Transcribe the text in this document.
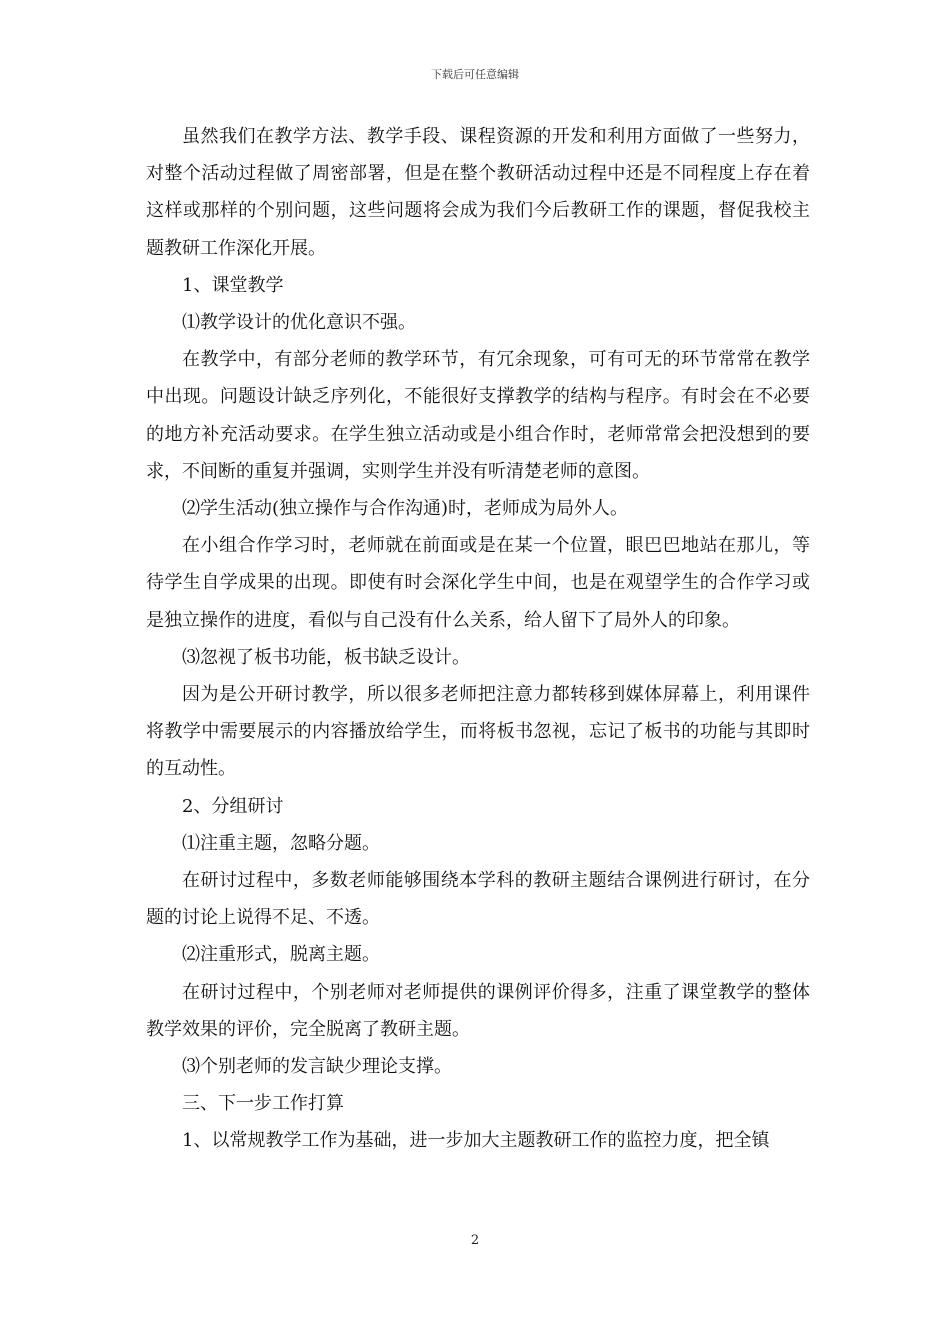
下载后可任意编辑

虽然我们在教学方法、教学手段、课程资源的开发和利用方面做了一些努力，对整个活动过程做了周密部署，但是在整个教研活动过程中还是不同程度上存在着这样或那样的个别问题，这些问题将会成为我们今后教研工作的课题，督促我校主题教研工作深化开展。

1、课堂教学

⑴教学设计的优化意识不强。

在教学中，有部分老师的教学环节，有冗余现象，可有可无的环节常常在教学中出现。问题设计缺乏序列化，不能很好支撑教学的结构与程序。有时会在不必要的地方补充活动要求。在学生独立活动或是小组合作时，老师常常会把没想到的要求，不间断的重复并强调，实则学生并没有听清楚老师的意图。

⑵学生活动(独立操作与合作沟通)时，老师成为局外人。

在小组合作学习时，老师就在前面或是在某一个位置，眼巴巴地站在那儿，等待学生自学成果的出现。即使有时会深化学生中间，也是在观望学生的合作学习或是独立操作的进度，看似与自己没有什么关系，给人留下了局外人的印象。

⑶忽视了板书功能，板书缺乏设计。

因为是公开研讨教学，所以很多老师把注意力都转移到媒体屏幕上，利用课件将教学中需要展示的内容播放给学生，而将板书忽视，忘记了板书的功能与其即时的互动性。

2、分组研讨

⑴注重主题，忽略分题。

在研讨过程中，多数老师能够围绕本学科的教研主题结合课例进行研讨，在分题的讨论上说得不足、不透。

⑵注重形式，脱离主题。

在研讨过程中，个别老师对老师提供的课例评价得多，注重了课堂教学的整体教学效果的评价，完全脱离了教研主题。

⑶个别老师的发言缺少理论支撑。

三、下一步工作打算

1、以常规教学工作为基础，进一步加大主题教研工作的监控力度，把全镇

2
